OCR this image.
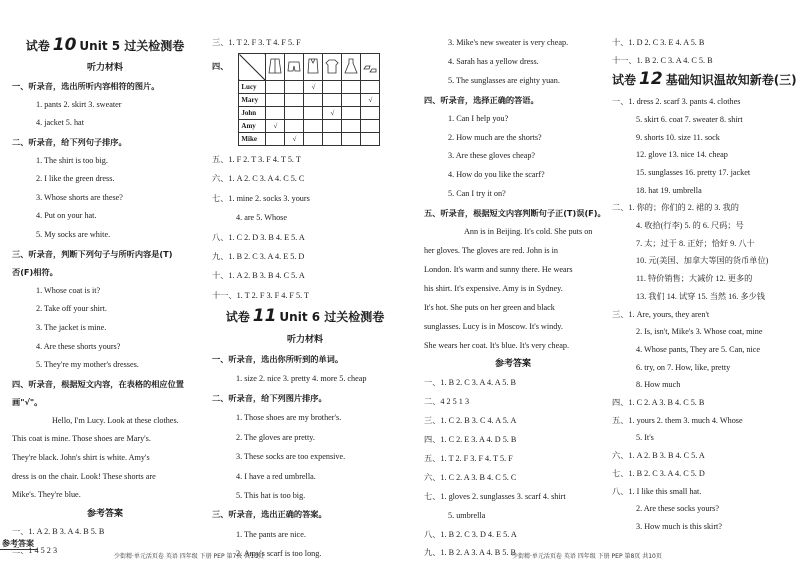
试卷 10 Unit 5 过关检测卷

听力材料

一、听录音，选出所听内容相符的图片。

1. pants 2. skirt 3. sweater

4. jacket 5. hat

二、听录音，给下列句子排序。

1. The shirt is too big.

2. I like the green dress.

3. Whose shorts are these?

4. Put on your hat.

5. My socks are white.

三、听录音，判断下列句子与所听内容是(T)

否(F)相符。

1. Whose coat is it?

2. Take off your shirt.

3. The jacket is mine.

4. Are these shorts yours?

5. They're my mother's dresses.

四、听录音，根据短文内容，在表格的相应位置

画"√"。

Hello, I'm Lucy. Look at these clothes.

This coat is mine. Those shoes are Mary's.

They're black. John's shirt is white. Amy's

dress is on the chair. Look! These shorts are

Mike's. They're blue.

参考答案

一、1. A 2. B 3. A 4. B 5. B

二、1 4 5 2 3

三、1. T 2. F 3. T 4. F 5. F

四、

Lucy			√			
Mary						√
John				√		
Amy	√					
Mike		√				

五、1. F 2. T 3. F 4. T 5. T

六、1. A 2. C 3. A 4. C 5. C

七、1. mine 2. socks 3. yours

4. are 5. Whose

八、1. C 2. D 3. B 4. E 5. A

九、1. B 2. C 3. A 4. E 5. D

十、1. A 2. B 3. B 4. C 5. A

十一、1. T 2. F 3. F 4. F 5. T

试卷 11 Unit 6 过关检测卷

听力材料

一、听录音，选出你所听到的单词。

1. size 2. nice 3. pretty 4. more 5. cheap

二、听录音，给下列图片排序。

1. Those shoes are my brother's.

2. The gloves are pretty.

3. These socks are too expensive.

4. I have a red umbrella.

5. This hat is too big.

三、听录音，选出正确的答案。

1. The pants are nice.

2. Amy's scarf is too long.

3. Mike's new sweater is very cheap.

4. Sarah has a yellow dress.

5. The sunglasses are eighty yuan.

四、听录音，选择正确的答语。

1. Can I help you?

2. How much are the shorts?

3. Are these gloves cheap?

4. How do you like the scarf?

5. Can I try it on?

五、听录音，根据短文内容判断句子正(T)误(F)。

Ann is in Beijing. It's cold. She puts on

her gloves. The gloves are red. John is in

London. It's warm and sunny there. He wears

his shirt. It's expensive. Amy is in Sydney.

It's hot. She puts on her green and black

sunglasses. Lucy is in Moscow. It's windy.

She wears her coat. It's blue. It's very cheap.

参考答案

一、1. B 2. C 3. A 4. A 5. B

二、4 2 5 1 3

三、1. C 2. B 3. C 4. A 5. A

四、1. C 2. E 3. A 4. D 5. B

五、1. T 2. F 3. F 4. T 5. F

六、1. C 2. A 3. B 4. C 5. C

七、1. gloves 2. sunglasses 3. scarf 4. shirt

5. umbrella

八、1. B 2. C 3. D 4. E 5. A

九、1. B 2. A 3. A 4. B 5. B

十、1. D 2. C 3. E 4. A 5. B

十一、1. B 2. C 3. A 4. C 5. B

试卷 12 基础知识温故知新卷(三)

一、1. dress 2. scarf 3. pants 4. clothes

5. skirt 6. coat 7. sweater 8. shirt

9. shorts 10. size 11. sock

12. glove 13. nice 14. cheap

15. sunglasses 16. pretty 17. jacket

18. hat 19. umbrella

二、1. 你的；你们的 2. 裙的 3. 我的

4. 收拾(行李) 5. 的 6. 尺码；号

7. 太；过于 8. 正好；恰好 9. 八十

10. 元(美国、加拿大等国的货币单位)

11. 特价销售；大减价 12. 更多的

13. 我们 14. 试穿 15. 当然 16. 多少钱

三、1. Are, yours, they aren't

2. Is, isn't, Mike's 3. Whose coat, mine

4. Whose pants, They are 5. Can, nice

6. try, on 7. How, like, pretty

8. How much

四、1. C 2. A 3. B 4. C 5. B

五、1. yours 2. them 3. much 4. Whose

5. It's

六、1. A 2. B 3. B 4. C 5. A

七、1. B 2. C 3. A 4. C 5. D

八、1. I like this small hat.

2. Are these socks yours?

3. How much is this skirt?

参考答案
少街精·单元活页卷 英语 四年级 下册 PEP 第7页 共10页	少街精·单元活页卷 英语 四年级 下册 PEP 第8页 共10页
